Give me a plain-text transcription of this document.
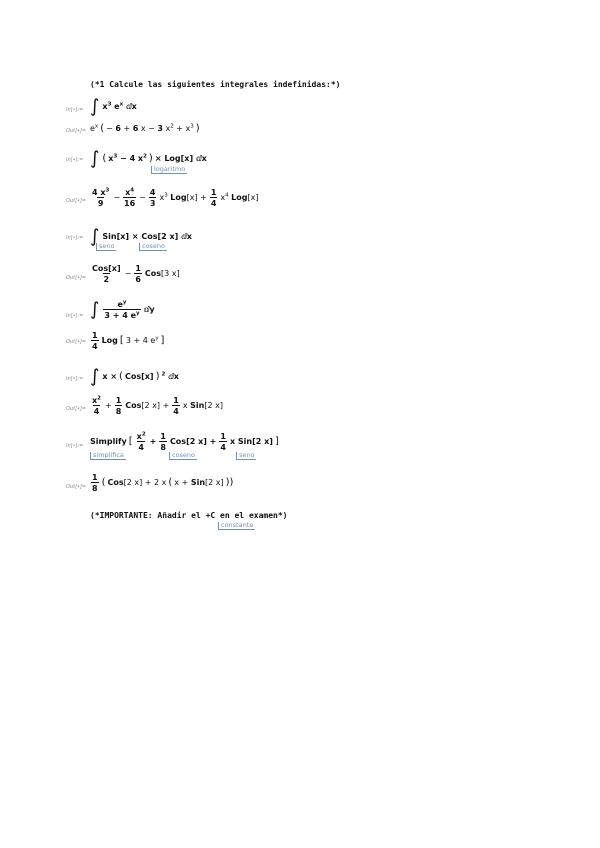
(*1 Calcule las siguientes integrales indefinidas:*)
In[•]:= ∫ $x^3$ $e^x$ ⅆx
Out[•]= $e^x$ ( − 6 + 6 x − 3 $x^2 + x^3$ )
In[•]:= ∫ ( $x^3 - 4$ $x^2$ ) × Log[x] ⅆx
logaritmo
Out[•]= $\frac{4 x^3}{9} - \frac{x^4}{16} - \frac{4}{3} x^3$ $Log[x] + \frac{1}{4} x^4$ Log[x]
In[•]:= ∫ Sin[x] × Cos[2 x] ⅆx
seno	coseno
Out[•]= $\frac{\text{Cos[x]}}{2} - \frac{1}{6} Cos[3$ x]
In[•]:= ∫ $\frac{e^y}{3 + 4 e^y}$ ⅆy
Out[•]= $\frac{1}{4}$ Log [ 3 + 4 $e^y$ ]
In[•]:= ∫ x × ( Cos[x] ) $^2$ ⅆx
Out[•]= $\frac{x^2}{4} + \frac{1}{8} Cos[2$ $x] + \frac{1}{4}$ x Sin[2 x]
In[•]:= Simplify [ $\frac{x^2}{4} + \frac{1}{8} Cos[2$ $x] + \frac{1}{4}$ x Sin[2 x] ]
simplifica	coseno	seno
Out[•]= $\frac{1}{8}$ ( Cos[2 x] + 2 x ( x + Sin[2 x] ))
(*IMPORTANTE: Añadir el +C en el examen*)
constante
